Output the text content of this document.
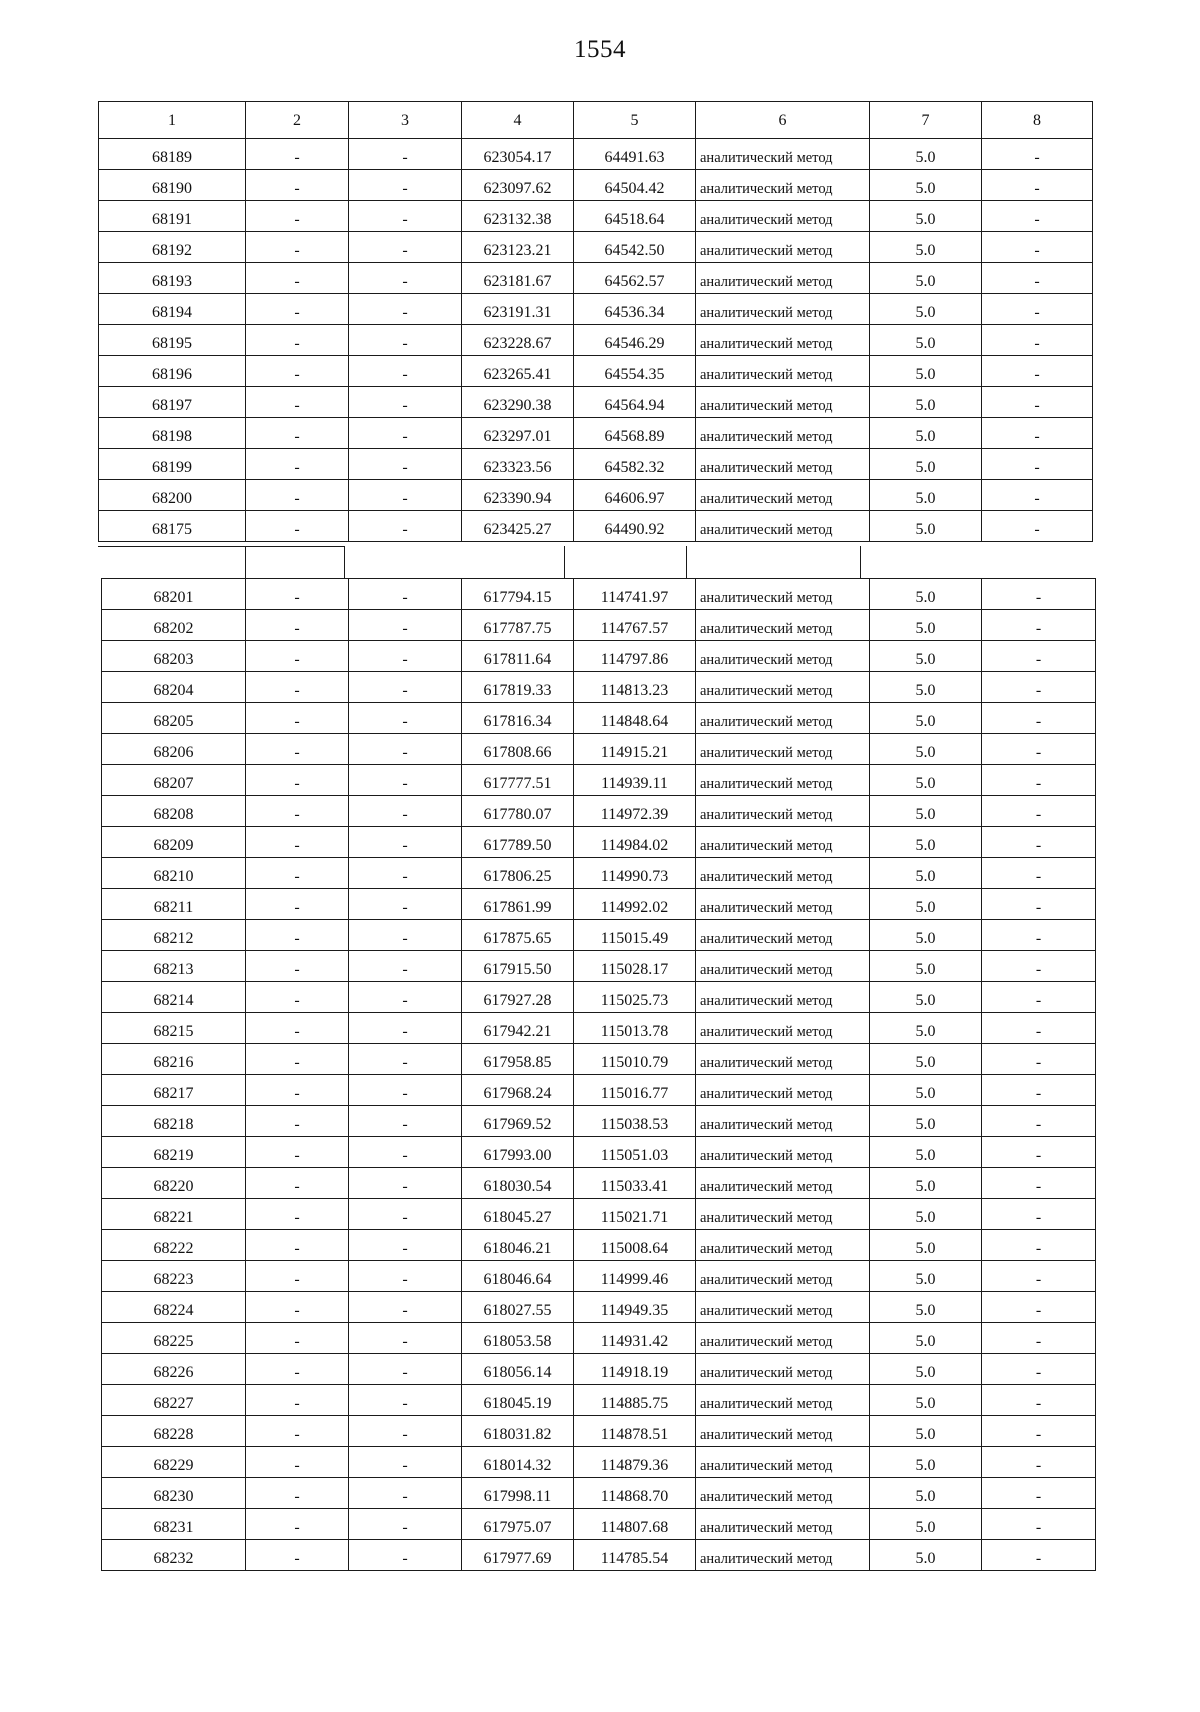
1554
1	2	3	4	5	6	7	8
68189	-	-	623054.17	64491.63	аналитический метод	5.0	-
68190	-	-	623097.62	64504.42	аналитический метод	5.0	-
68191	-	-	623132.38	64518.64	аналитический метод	5.0	-
68192	-	-	623123.21	64542.50	аналитический метод	5.0	-
68193	-	-	623181.67	64562.57	аналитический метод	5.0	-
68194	-	-	623191.31	64536.34	аналитический метод	5.0	-
68195	-	-	623228.67	64546.29	аналитический метод	5.0	-
68196	-	-	623265.41	64554.35	аналитический метод	5.0	-
68197	-	-	623290.38	64564.94	аналитический метод	5.0	-
68198	-	-	623297.01	64568.89	аналитический метод	5.0	-
68199	-	-	623323.56	64582.32	аналитический метод	5.0	-
68200	-	-	623390.94	64606.97	аналитический метод	5.0	-
68175	-	-	623425.27	64490.92	аналитический метод	5.0	-
68201	-	-	617794.15	114741.97	аналитический метод	5.0	-
68202	-	-	617787.75	114767.57	аналитический метод	5.0	-
68203	-	-	617811.64	114797.86	аналитический метод	5.0	-
68204	-	-	617819.33	114813.23	аналитический метод	5.0	-
68205	-	-	617816.34	114848.64	аналитический метод	5.0	-
68206	-	-	617808.66	114915.21	аналитический метод	5.0	-
68207	-	-	617777.51	114939.11	аналитический метод	5.0	-
68208	-	-	617780.07	114972.39	аналитический метод	5.0	-
68209	-	-	617789.50	114984.02	аналитический метод	5.0	-
68210	-	-	617806.25	114990.73	аналитический метод	5.0	-
68211	-	-	617861.99	114992.02	аналитический метод	5.0	-
68212	-	-	617875.65	115015.49	аналитический метод	5.0	-
68213	-	-	617915.50	115028.17	аналитический метод	5.0	-
68214	-	-	617927.28	115025.73	аналитический метод	5.0	-
68215	-	-	617942.21	115013.78	аналитический метод	5.0	-
68216	-	-	617958.85	115010.79	аналитический метод	5.0	-
68217	-	-	617968.24	115016.77	аналитический метод	5.0	-
68218	-	-	617969.52	115038.53	аналитический метод	5.0	-
68219	-	-	617993.00	115051.03	аналитический метод	5.0	-
68220	-	-	618030.54	115033.41	аналитический метод	5.0	-
68221	-	-	618045.27	115021.71	аналитический метод	5.0	-
68222	-	-	618046.21	115008.64	аналитический метод	5.0	-
68223	-	-	618046.64	114999.46	аналитический метод	5.0	-
68224	-	-	618027.55	114949.35	аналитический метод	5.0	-
68225	-	-	618053.58	114931.42	аналитический метод	5.0	-
68226	-	-	618056.14	114918.19	аналитический метод	5.0	-
68227	-	-	618045.19	114885.75	аналитический метод	5.0	-
68228	-	-	618031.82	114878.51	аналитический метод	5.0	-
68229	-	-	618014.32	114879.36	аналитический метод	5.0	-
68230	-	-	617998.11	114868.70	аналитический метод	5.0	-
68231	-	-	617975.07	114807.68	аналитический метод	5.0	-
68232	-	-	617977.69	114785.54	аналитический метод	5.0	-
